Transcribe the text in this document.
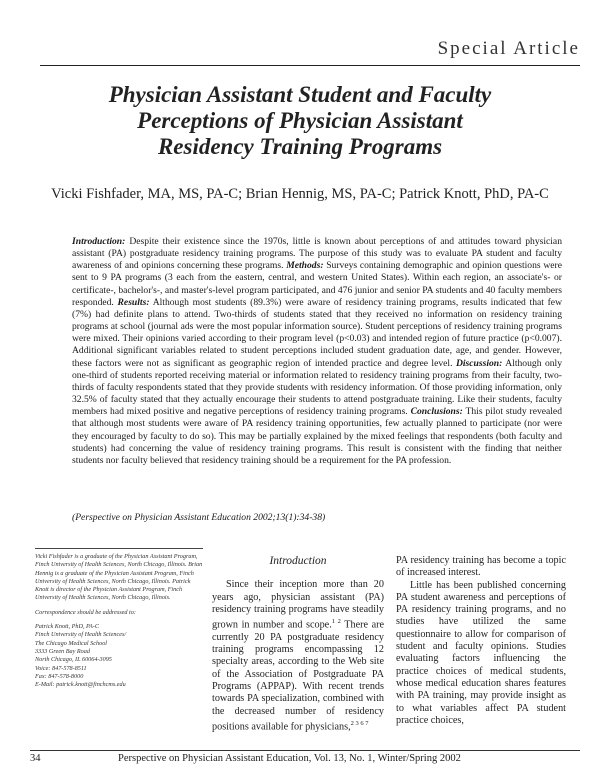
Special Article
Physician Assistant Student and Faculty
Perceptions of Physician Assistant
Residency Training Programs
Vicki Fishfader, MA, MS, PA-C; Brian Hennig, MS, PA-C; Patrick Knott, PhD, PA-C

Introduction: Despite their existence since the 1970s, little is known about perceptions of and attitudes toward physician assistant (PA) postgraduate residency training programs. The purpose of this study was to evaluate PA student and faculty awareness of and opinions concerning these programs. Methods: Surveys containing demographic and opinion questions were sent to 9 PA programs (3 each from the eastern, central, and western United States). Within each region, an associate's- or certificate-, bachelor's-, and master's-level program participated, and 476 junior and senior PA students and 40 faculty members responded. Results: Although most students (89.3%) were aware of residency training programs, results indicated that few (7%) had definite plans to attend. Two-thirds of students stated that they received no information on residency training programs at school (journal ads were the most popular information source). Student perceptions of residency training programs were mixed. Their opinions varied according to their program level (p<0.03) and intended region of future practice (p<0.007). Additional significant variables related to student perceptions included student graduation date, age, and gender. However, these factors were not as significant as geographic region of intended practice and degree level. Discussion: Although only one-third of students reported receiving material or information related to residency training programs from their faculty, two-thirds of faculty respondents stated that they provide students with residency information. Of those providing information, only 32.5% of faculty stated that they actually encourage their students to attend postgraduate training. Like their students, faculty members had mixed positive and negative perceptions of residency training programs. Conclusions: This pilot study revealed that although most students were aware of PA residency training opportunities, few actually planned to participate (nor were they encouraged by faculty to do so). This may be partially explained by the mixed feelings that respondents (both faculty and students) had concerning the value of residency training programs. This result is consistent with the finding that neither students nor faculty believed that residency training should be a requirement for the PA profession.

(Perspective on Physician Assistant Education 2002;13(1):34-38)

Vicki Fishfader is a graduate of the Physician Assistant Program, Finch University of Health Sciences, North Chicago, Illinois. Brian Hennig is a graduate of the Physician Assistant Program, Finch University of Health Sciences, North Chicago, Illinois. Patrick Knott is director of the Physician Assistant Program, Finch University of Health Sciences, North Chicago, Illinois.

Correspondence should be addressed to:

Patrick Knott, PhD, PA-C
Finch University of Health Sciences/
The Chicago Medical School
3333 Green Bay Road
North Chicago, IL 60064-3095
Voice: 847-578-8511
Fax: 847-578-8000
E-Mail: patrick.knott@finchcms.edu
Introduction

Since their inception more than 20 years ago, physician assistant (PA) residency training programs have steadily grown in number and scope.$^{1 2}$ There are currently 20 PA postgraduate residency training programs encompassing 12 specialty areas, according to the Web site of the Association of Postgraduate PA Programs (APPAP). With recent trends towards PA specialization, combined with the decreased number of residency positions available for physicians,$^{2 3 6 7}$

PA residency training has become a topic of increased interest.

Little has been published concerning PA student awareness and perceptions of PA residency training programs, and no studies have utilized the same questionnaire to allow for comparison of student and faculty opinions. Studies evaluating factors influencing the practice choices of medical students, whose medical education shares features with PA training, may provide insight as to what variables affect PA student practice choices,

34	Perspective on Physician Assistant Education, Vol. 13, No. 1, Winter/Spring 2002
